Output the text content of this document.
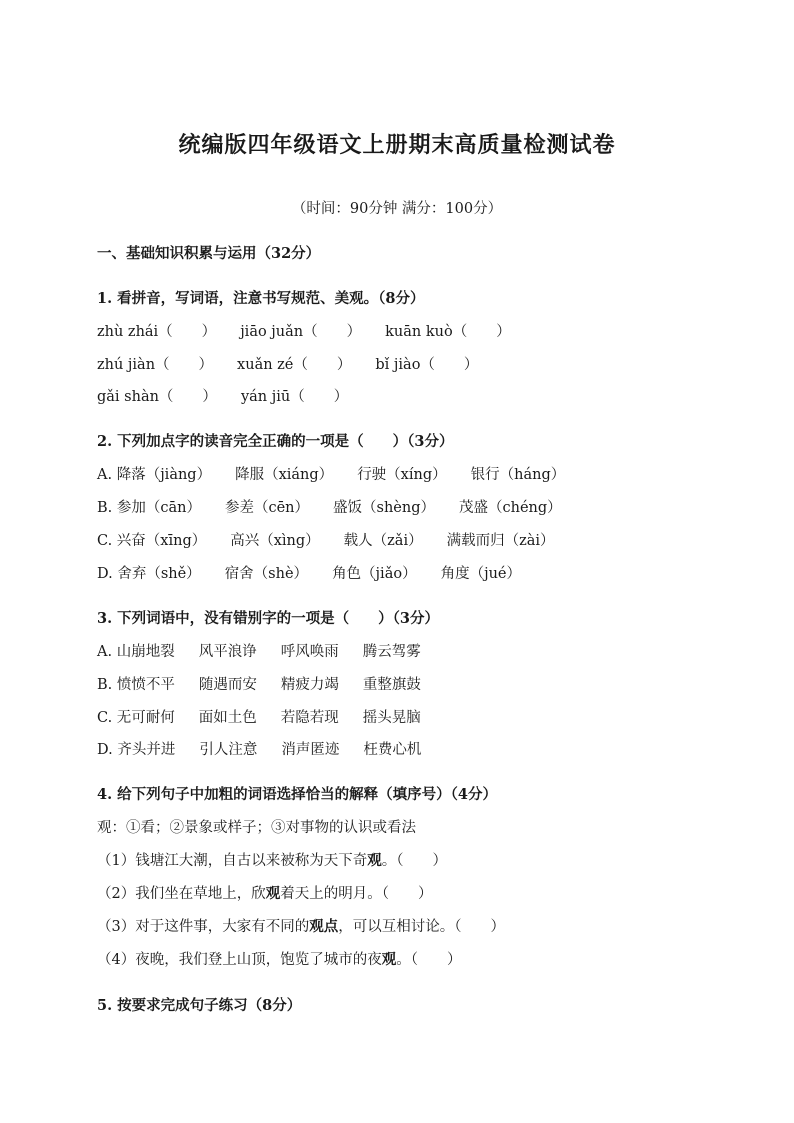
统编版四年级语文上册期末高质量检测试卷
（时间：90分钟 满分：100分）
一、基础知识积累与运用（32分）
1. 看拼音，写词语，注意书写规范、美观。（8分）
zhù zhái（　　） jiāo juǎn（　　） kuān kuò（　　）
zhú jiàn（　　） xuǎn zé（　　） bǐ jiào（　　）
gǎi shàn（　　） yán jiū（　　）
2. 下列加点字的读音完全正确的一项是（　　）（3分）
A. 降落（jiàng） 降服（xiáng） 行驶（xíng） 银行（háng）
B. 参加（cān） 参差（cēn） 盛饭（shèng） 茂盛（chéng）
C. 兴奋（xīng） 高兴（xìng） 载人（zǎi） 满载而归（zài）
D. 舍弃（shě） 宿舍（shè） 角色（jiǎo） 角度（jué）
3. 下列词语中，没有错别字的一项是（　　）（3分）
A. 山崩地裂 风平浪诤 呼风唤雨 腾云驾雾
B. 愤愤不平 随遇而安 精疲力竭 重整旗鼓
C. 无可耐何 面如土色 若隐若现 摇头晃脑
D. 齐头并进 引人注意 消声匿迹 枉费心机
4. 给下列句子中加粗的词语选择恰当的解释（填序号）（4分）
观：①看；②景象或样子；③对事物的认识或看法
（1）钱塘江大潮，自古以来被称为天下奇观。（　　）
（2）我们坐在草地上，欣观着天上的明月。（　　）
（3）对于这件事，大家有不同的观点，可以互相讨论。（　　）
（4）夜晚，我们登上山顶，饱览了城市的夜观。（　　）
5. 按要求完成句子练习（8分）
